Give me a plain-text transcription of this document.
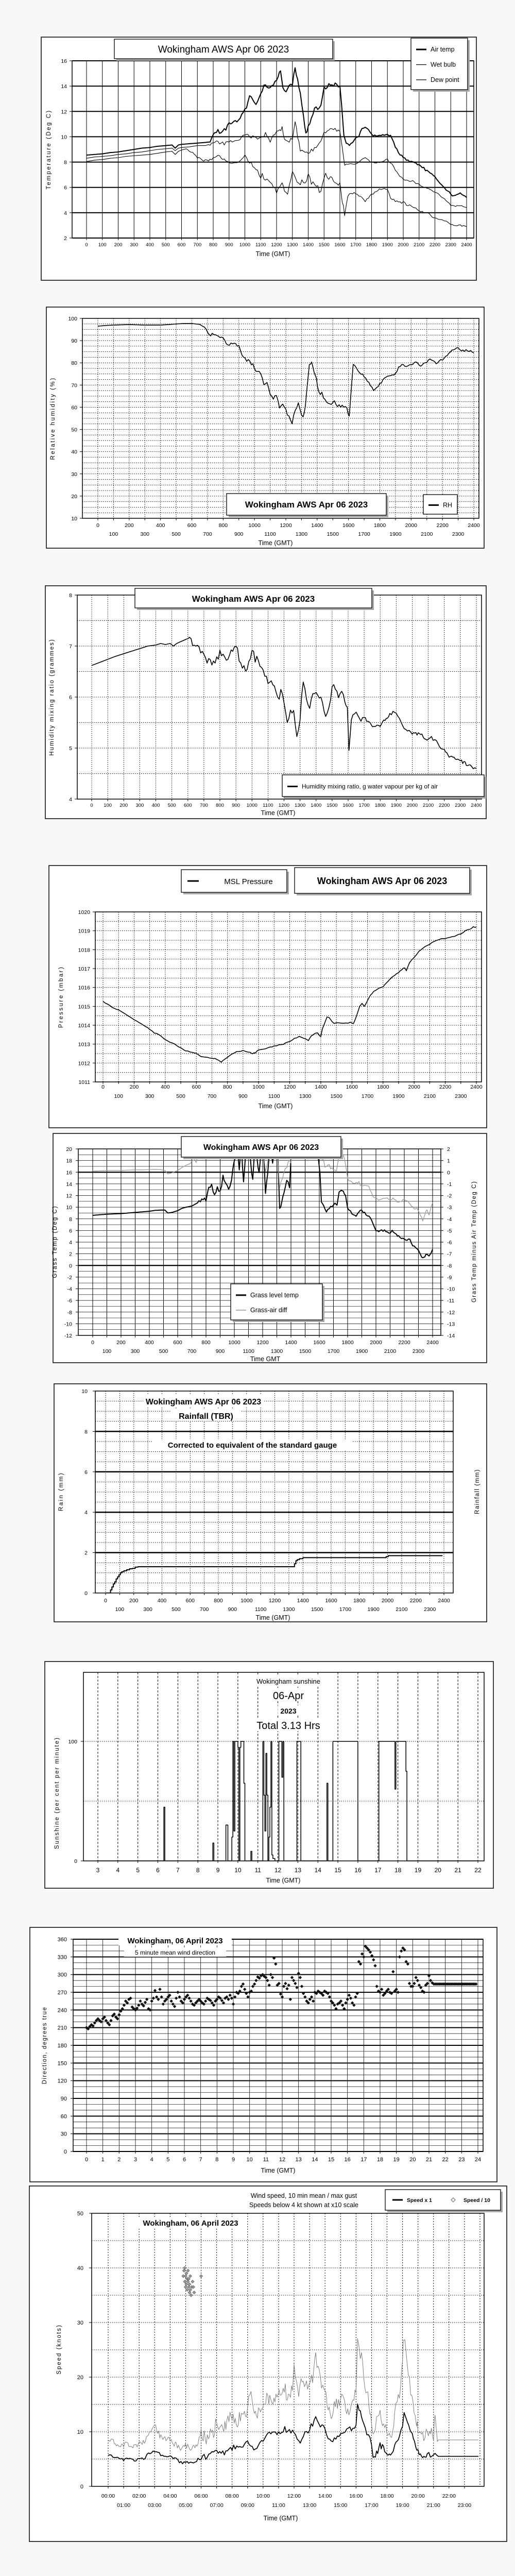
2
4
6
8
10
12
14
16
Temperature (Deg C)
0 100 200 300 400 500 600 700 800 900 1000 1100 1200 1300 1400 1500 1600 1700 1800 1900 2000 2100 2200 2300 2400
Time (GMT)
Wokingham AWS Apr 06 2023	Air temp
Wet bulb
Dew point
10
20
30
40
50
60
70
80
90
100
Relative humidity (%)
0
100
200
300
400
500
600
700
800
900
1000
1100
1200
1300
1400
1500
1600
1700
1800
1900
2000
2100
2200
2300
2400
Time (GMT)
Wokingham AWS Apr 06 2023	RH
4
5
6
7
8
Humidity mixing ratio (grammes)
0 100 200 300 400 500 600 700 800 900 1000 1100 1200 1300 1400 1500 1600 1700 1800 1900 2000 2100 2200 2300 2400
Time (GMT)
Wokingham AWS Apr 06 2023
Humidity mixing ratio, g water vapour per kg of air
1011
1012
1013
1014
1015
1016
1017
1018
1019
1020
Pressure (mbar)
0
100
200
300
400
500
600
700
800
900
1000
1100
1200
1300
1400
1500
1600
1700
1800
1900
2000
2100
2200
2300
2400
Time (GMT)
MSL Pressure	Wokingham AWS Apr 06 2023
-12
-10
-8
-6
-4
-2
0
2
4
6
8
10
12
14
16
18
20
Grass Temp (Deg C)
2
1
0
-1
-2
-3
-4
-5
-6
-7
-8
-9
-10
-11
-12
-13
-14
Grass Temp minus Air Temp (Deg C)
0
100
200
300
400
500
600
700
800
900
1000
1100
1200
1300
1400
1500
1600
1700
1800
1900
2000
2100
2200
2300
2400
Time GMT
Wokingham AWS Apr 06 2023
Grass level temp
Grass-air diff
0
2
4
6
8
10
Rain (mm)	Rainfall (mm)
0
100
200
300
400
500
600
700
800
900
1000
1100
1200
1300
1400
1500
1600
1700
1800
1900
2000
2100
2200
2300
2400
Time (GMT)
Wokingham AWS Apr 06 2023
Rainfall (TBR)
Corrected to equivalent of the standard gauge
0
100
Sunshine (per cent per minute)
3	4	5	6	7	8	9 10 11 12 13 14 15 16 17 18 19 20 21 22
Time (GMT)
Wokingham sunshine
06-Apr
2023
Total 3.13 Hrs
0
30
60
90
120
150
180
210
240
270
300
330
360
Direction, degrees true
0 1 2 3 4 5 6 7 8 9 10 11 12 13 14 15 16 17 18 19 20 21 22 23 24
Time (GMT)
Wokingham, 06 April 2023
5 minute mean wind direction
0
10
20
30
40
50
Speed (knots)
00:00
01:00
02:00
03:00
04:00
05:00
06:00
07:00
08:00
09:00
10:00
11:00
12:00
13:00
14:00
15:00
16:00
17:00
18:00
19:00
20:00
21:00
22:00
23:00
Time (GMT)
Wind speed, 10 min mean / max gust
Speeds below 4 kt shown at x10 scale
Wokingham, 06 April 2023
Speed x 1	Speed / 10
